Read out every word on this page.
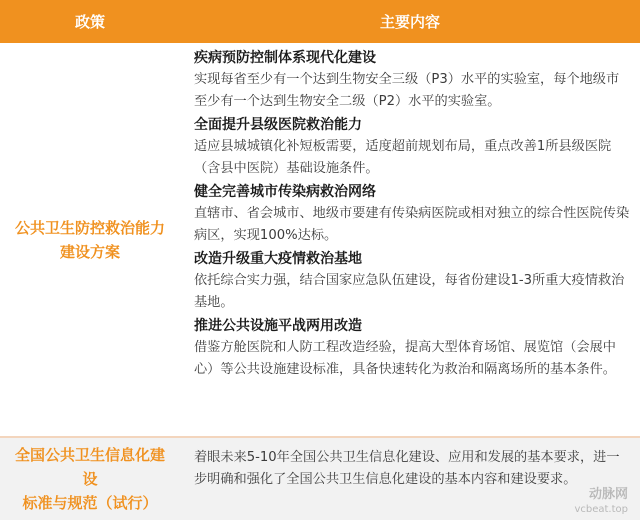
政策	主要内容
公共卫生防控救治能力
建设方案
疾病预防控制体系现代化建设
实现每省至少有一个达到生物安全三级（P3）水平的实验室，每个地级市至少有一个达到生物安全二级（P2）水平的实验室。
全面提升县级医院救治能力
适应县城城镇化补短板需要，适度超前规划布局，重点改善1所县级医院（含县中医院）基础设施条件。
健全完善城市传染病救治网络
直辖市、省会城市、地级市要建有传染病医院或相对独立的综合性医院传染病区，实现100%达标。
改造升级重大疫情救治基地
依托综合实力强，结合国家应急队伍建设，每省份建设1-3所重大疫情救治基地。
推进公共设施平战两用改造
借鉴方舱医院和人防工程改造经验，提高大型体育场馆、展览馆（会展中心）等公共设施建设标准，具备快速转化为救治和隔离场所的基本条件。
全国公共卫生信息化建设
标准与规范（试行）
着眼未来5-10年全国公共卫生信息化建设、应用和发展的基本要求，进一步明确和强化了全国公共卫生信息化建设的基本内容和建设要求。
动脉网
vcbeat.top
